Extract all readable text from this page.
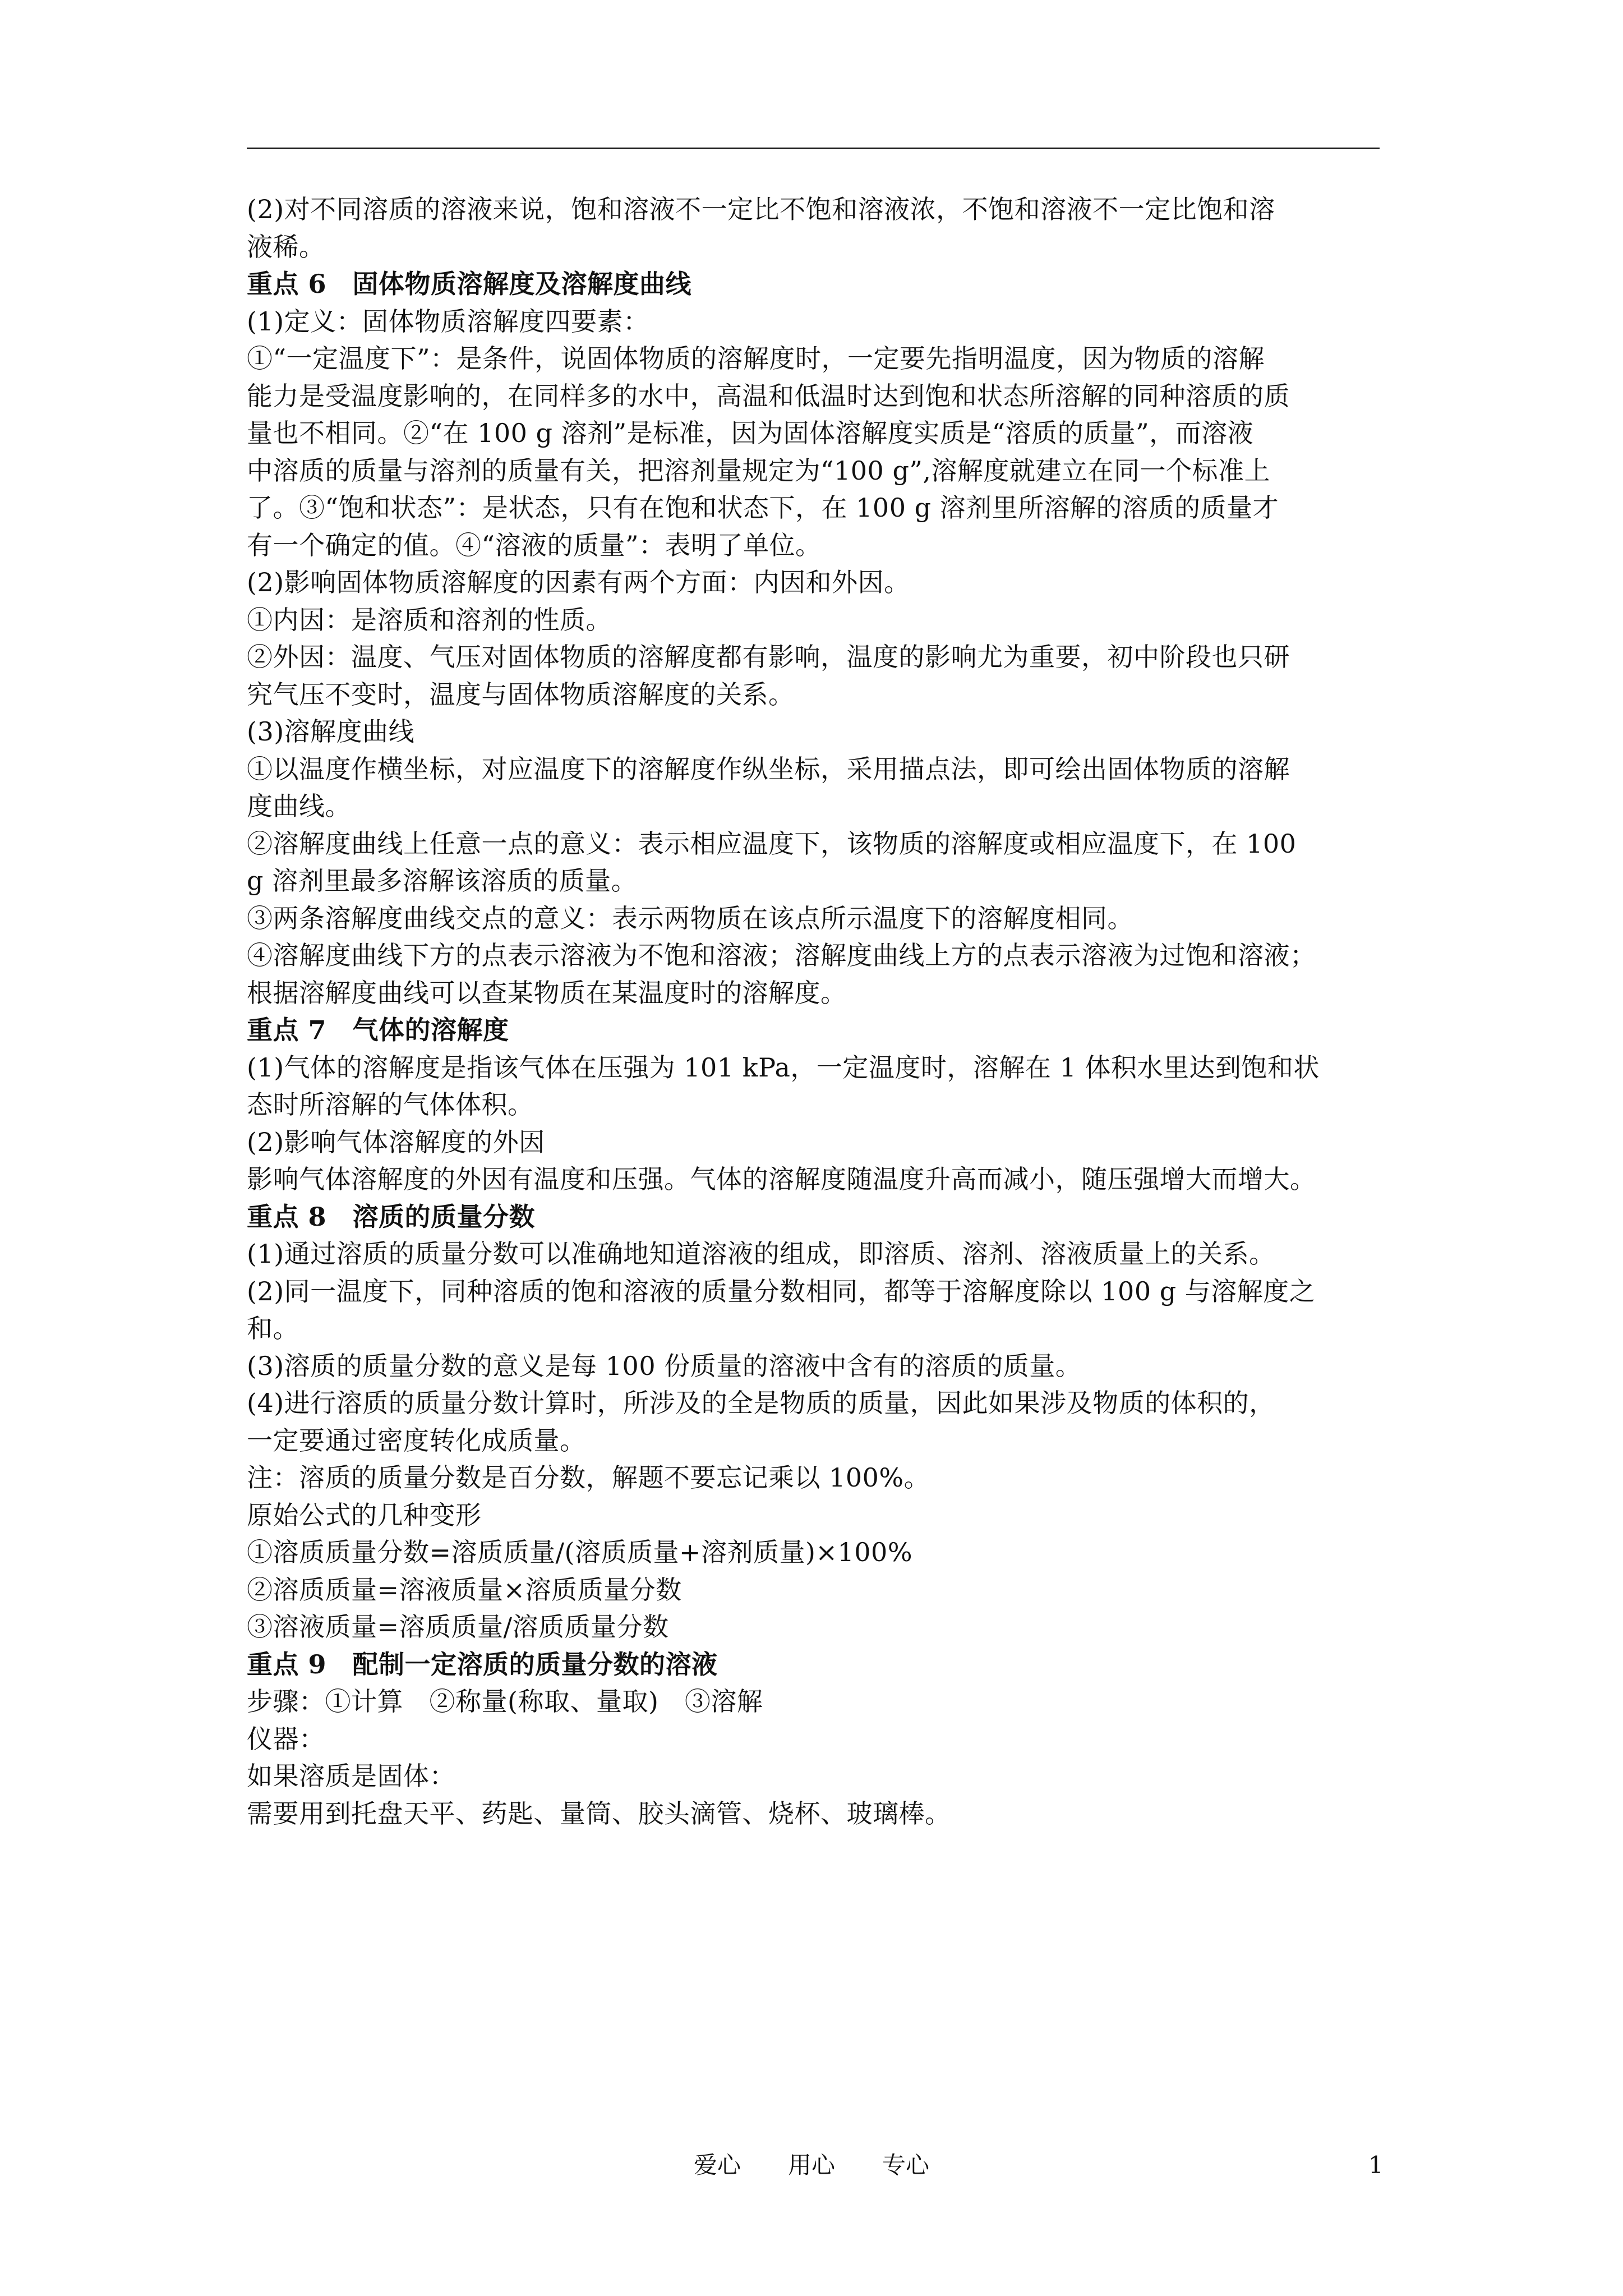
(2)对不同溶质的溶液来说，饱和溶液不一定比不饱和溶液浓，不饱和溶液不一定比饱和溶
液稀。
重点 6　固体物质溶解度及溶解度曲线
(1)定义：固体物质溶解度四要素：
①“一定温度下”：是条件，说固体物质的溶解度时，一定要先指明温度，因为物质的溶解
能力是受温度影响的，在同样多的水中，高温和低温时达到饱和状态所溶解的同种溶质的质
量也不相同。②“在 100 g 溶剂”是标准，因为固体溶解度实质是“溶质的质量”，而溶液
中溶质的质量与溶剂的质量有关，把溶剂量规定为“100 g”,溶解度就建立在同一个标准上
了。③“饱和状态”：是状态，只有在饱和状态下，在 100 g 溶剂里所溶解的溶质的质量才
有一个确定的值。④“溶液的质量”：表明了单位。
(2)影响固体物质溶解度的因素有两个方面：内因和外因。
①内因：是溶质和溶剂的性质。
②外因：温度、气压对固体物质的溶解度都有影响，温度的影响尤为重要，初中阶段也只研
究气压不变时，温度与固体物质溶解度的关系。
(3)溶解度曲线
①以温度作横坐标，对应温度下的溶解度作纵坐标，采用描点法，即可绘出固体物质的溶解
度曲线。
②溶解度曲线上任意一点的意义：表示相应温度下，该物质的溶解度或相应温度下，在 100
g 溶剂里最多溶解该溶质的质量。
③两条溶解度曲线交点的意义：表示两物质在该点所示温度下的溶解度相同。
④溶解度曲线下方的点表示溶液为不饱和溶液；溶解度曲线上方的点表示溶液为过饱和溶液；
根据溶解度曲线可以查某物质在某温度时的溶解度。
重点 7　气体的溶解度
(1)气体的溶解度是指该气体在压强为 101 kPa，一定温度时，溶解在 1 体积水里达到饱和状
态时所溶解的气体体积。
(2)影响气体溶解度的外因
影响气体溶解度的外因有温度和压强。气体的溶解度随温度升高而减小，随压强增大而增大。
重点 8　溶质的质量分数
(1)通过溶质的质量分数可以准确地知道溶液的组成，即溶质、溶剂、溶液质量上的关系。
(2)同一温度下，同种溶质的饱和溶液的质量分数相同，都等于溶解度除以 100 g 与溶解度之
和。
(3)溶质的质量分数的意义是每 100 份质量的溶液中含有的溶质的质量。
(4)进行溶质的质量分数计算时，所涉及的全是物质的质量，因此如果涉及物质的体积的，
一定要通过密度转化成质量。
注：溶质的质量分数是百分数，解题不要忘记乘以 100%。
原始公式的几种变形
①溶质质量分数=溶质质量/(溶质质量+溶剂质量)×100%
②溶质质量=溶液质量×溶质质量分数
③溶液质量=溶质质量/溶质质量分数
重点 9　配制一定溶质的质量分数的溶液
步骤：①计算　②称量(称取、量取)　③溶解
仪器：
如果溶质是固体：
需要用到托盘天平、药匙、量筒、胶头滴管、烧杯、玻璃棒。
爱心　　用心　　专心	1
